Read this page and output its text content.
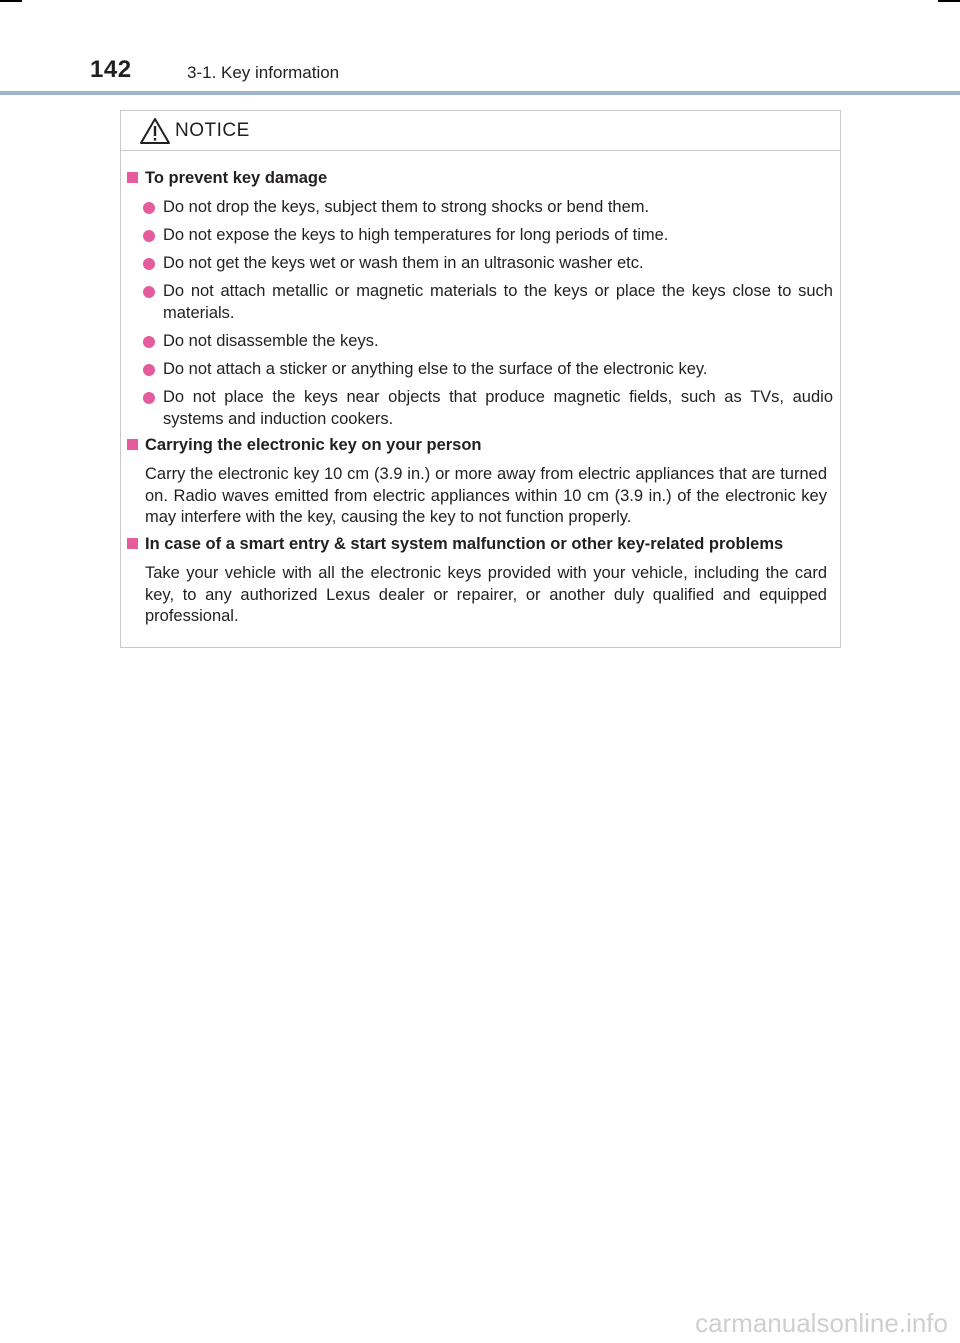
142	3-1. Key information
NOTICE
To prevent key damage
Do not drop the keys, subject them to strong shocks or bend them.
Do not expose the keys to high temperatures for long periods of time.
Do not get the keys wet or wash them in an ultrasonic washer etc.
Do not attach metallic or magnetic materials to the keys or place the keys close to such materials.
Do not disassemble the keys.
Do not attach a sticker or anything else to the surface of the electronic key.
Do not place the keys near objects that produce magnetic fields, such as TVs, audio systems and induction cookers.
Carrying the electronic key on your person
Carry the electronic key 10 cm (3.9 in.) or more away from electric appliances that are turned on. Radio waves emitted from electric appliances within 10 cm (3.9 in.) of the electronic key may interfere with the key, causing the key to not function properly.
In case of a smart entry & start system malfunction or other key-related problems
Take your vehicle with all the electronic keys provided with your vehicle, including the card key, to any authorized Lexus dealer or repairer, or another duly qualified and equipped professional.
carmanualsonline.info
